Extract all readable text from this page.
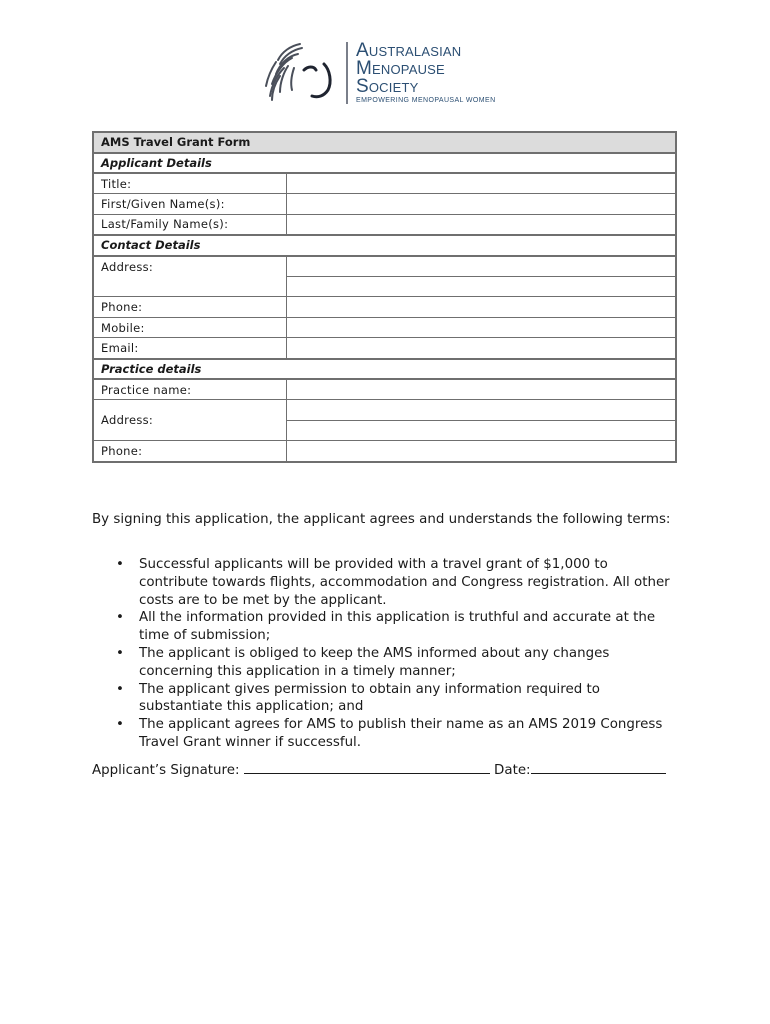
Australasian
Menopause
Society
EMPOWERING MENOPAUSAL WOMEN
AMS Travel Grant Form	
Applicant Details	
Title:	
First/Given Name(s):	
Last/Family Name(s):	
Contact Details	
Address:	

Phone:	
Mobile:	
Email:	
Practice details	
Practice name:	
Address:	

Phone:	

By signing this application, the applicant agrees and understands the following terms:

• Successful applicants will be provided with a travel grant of $1,000 to contribute towards flights, accommodation and Congress registration. All other costs are to be met by the applicant.
• All the information provided in this application is truthful and accurate at the time of submission;
• The applicant is obliged to keep the AMS informed about any changes concerning this application in a timely manner;
• The applicant gives permission to obtain any information required to substantiate this application; and
• The applicant agrees for AMS to publish their name as an AMS 2019 Congress Travel Grant winner if successful.
Applicant’s Signature:	Date:
